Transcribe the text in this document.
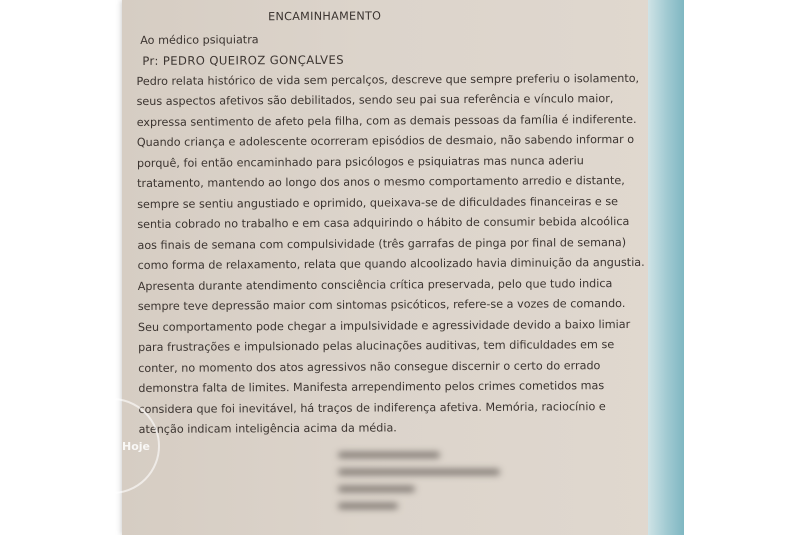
ENCAMINHAMENTO
Ao médico psiquiatra
Pr: PEDRO QUEIROZ GONÇALVES
Pedro relata histórico de vida sem percalços, descreve que sempre preferiu o isolamento,
seus aspectos afetivos são debilitados, sendo seu pai sua referência e vínculo maior,
expressa sentimento de afeto pela filha, com as demais pessoas da família é indiferente.
Quando criança e adolescente ocorreram episódios de desmaio, não sabendo informar o
porquê, foi então encaminhado para psicólogos e psiquiatras mas nunca aderiu
tratamento, mantendo ao longo dos anos o mesmo comportamento arredio e distante,
sempre se sentiu angustiado e oprimido, queixava-se de dificuldades financeiras e se
sentia cobrado no trabalho e em casa adquirindo o hábito de consumir bebida alcoólica
aos finais de semana com compulsividade (três garrafas de pinga por final de semana)
como forma de relaxamento, relata que quando alcoolizado havia diminuição da angustia.
Apresenta durante atendimento consciência crítica preservada, pelo que tudo indica
sempre teve depressão maior com sintomas psicóticos, refere-se a vozes de comando.
Seu comportamento pode chegar a impulsividade e agressividade devido a baixo limiar
para frustrações e impulsionado pelas alucinações auditivas, tem dificuldades em se
conter, no momento dos atos agressivos não consegue discernir o certo do errado
demonstra falta de limites. Manifesta arrependimento pelos crimes cometidos mas
considera que foi inevitável, há traços de indiferença afetiva. Memória, raciocínio e
atenção indicam inteligência acima da média.
✦ ✦
Hoje
